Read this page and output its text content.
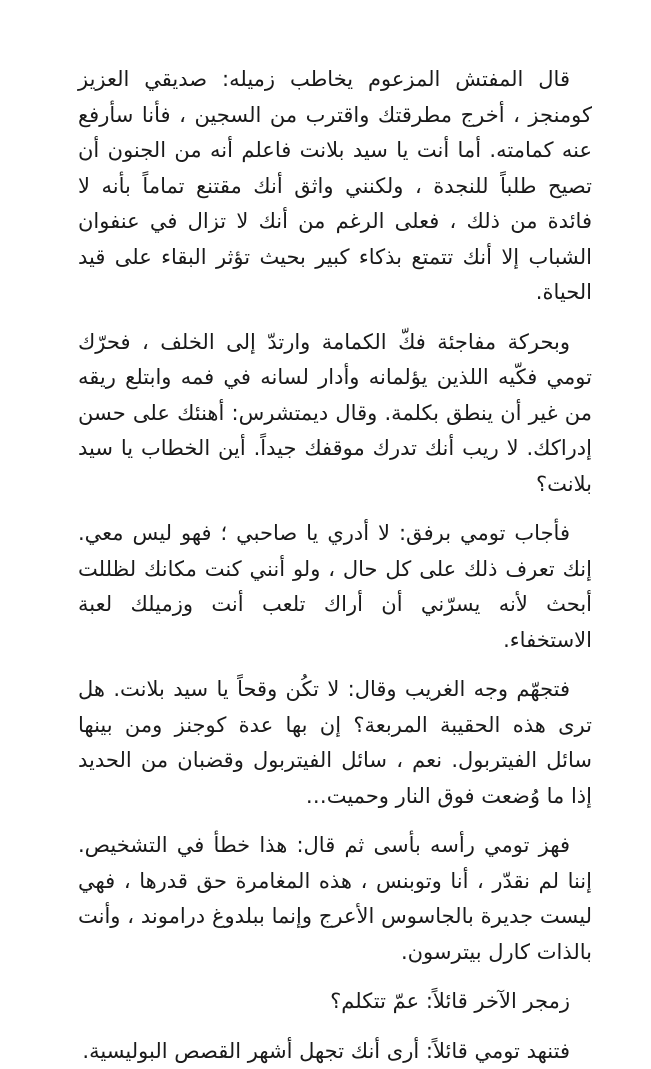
قال المفتش المزعوم يخاطب زميله: صديقي العزيز كومنجز ، أخرج مطرقتك واقترب من السجين ، فأنا سأرفع عنه كمامته. أما أنت يا سيد بلانت فاعلم أنه من الجنون أن تصيح طلباً للنجدة ، ولكنني واثق أنك مقتنع تماماً بأنه لا فائدة من ذلك ، فعلى الرغم من أنك لا تزال في عنفوان الشباب إلا أنك تتمتع بذكاء كبير بحيث تؤثر البقاء على قيد الحياة.

وبحركة مفاجئة فكّ الكمامة وارتدّ إلى الخلف ، فحرّك تومي فكّيه اللذين يؤلمانه وأدار لسانه في فمه وابتلع ريقه من غير أن ينطق بكلمة. وقال ديمتشرس: أهنئك على حسن إدراكك. لا ريب أنك تدرك موقفك جيداً. أين الخطاب يا سيد بلانت؟

فأجاب تومي برفق: لا أدري يا صاحبي ؛ فهو ليس معي. إنك تعرف ذلك على كل حال ، ولو أنني كنت مكانك لظللت أبحث لأنه يسرّني أن أراك تلعب أنت وزميلك لعبة الاستخفاء.

فتجهّم وجه الغريب وقال: لا تكُن وقحاً يا سيد بلانت. هل ترى هذه الحقيبة المربعة؟ إن بها عدة كوجنز ومن بينها سائل الفيتربول. نعم ، سائل الفيتربول وقضبان من الحديد إذا ما وُضعت فوق النار وحميت…

فهز تومي رأسه بأسى ثم قال: هذا خطأ في التشخيص. إننا لم نقدّر ، أنا وتوبنس ، هذه المغامرة حق قدرها ، فهي ليست جديرة بالجاسوس الأعرج وإنما ببلدوغ دراموند ، وأنت بالذات كارل بيترسون.

زمجر الآخر قائلاً: عمّ تتكلم؟

فتنهد تومي قائلاً: أرى أنك تجهل أشهر القصص البوليسية.
